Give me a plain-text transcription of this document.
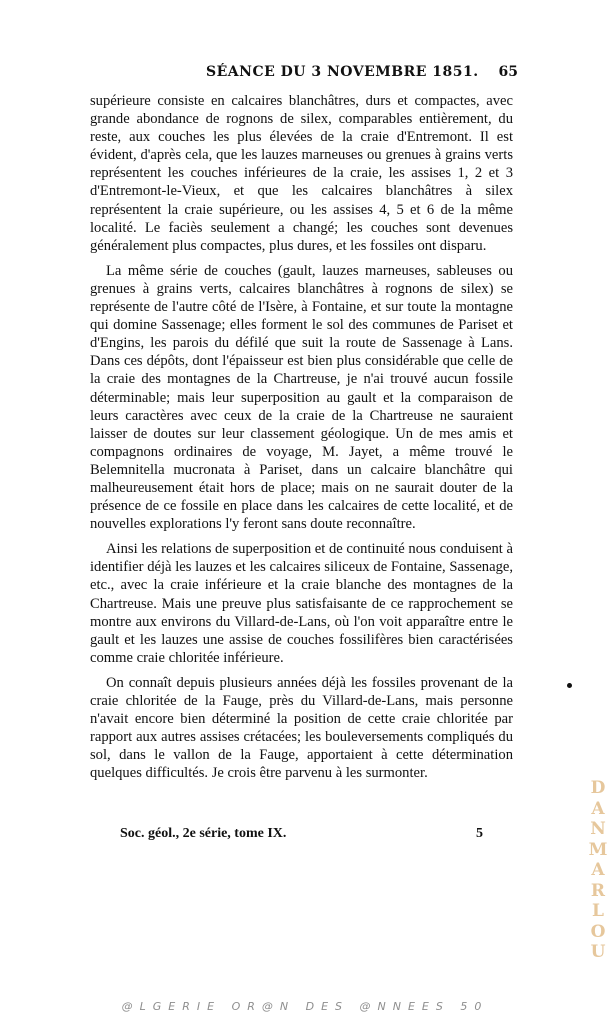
SÉANCE DU 3 NOVEMBRE 1851. 65

supérieure consiste en calcaires blanchâtres, durs et compactes, avec grande abondance de rognons de silex, comparables entièrement, du reste, aux couches les plus élevées de la craie d'Entremont. Il est évident, d'après cela, que les lauzes marneuses ou grenues à grains verts représentent les couches inférieures de la craie, les assises 1, 2 et 3 d'Entremont-le-Vieux, et que les calcaires blanchâtres à silex représentent la craie supérieure, ou les assises 4, 5 et 6 de la même localité. Le faciès seulement a changé; les couches sont devenues généralement plus compactes, plus dures, et les fossiles ont disparu.

La même série de couches (gault, lauzes marneuses, sableuses ou grenues à grains verts, calcaires blanchâtres à rognons de silex) se représente de l'autre côté de l'Isère, à Fontaine, et sur toute la montagne qui domine Sassenage; elles forment le sol des communes de Pariset et d'Engins, les parois du défilé que suit la route de Sassenage à Lans. Dans ces dépôts, dont l'épaisseur est bien plus considérable que celle de la craie des montagnes de la Chartreuse, je n'ai trouvé aucun fossile déterminable; mais leur superposition au gault et la comparaison de leurs caractères avec ceux de la craie de la Chartreuse ne sauraient laisser de doutes sur leur classement géologique. Un de mes amis et compagnons ordinaires de voyage, M. Jayet, a même trouvé le Belemnitella mucronata à Pariset, dans un calcaire blanchâtre qui malheureusement était hors de place; mais on ne saurait douter de la présence de ce fossile en place dans les calcaires de cette localité, et de nouvelles explorations l'y feront sans doute reconnaître.

Ainsi les relations de superposition et de continuité nous conduisent à identifier déjà les lauzes et les calcaires siliceux de Fontaine, Sassenage, etc., avec la craie inférieure et la craie blanche des montagnes de la Chartreuse. Mais une preuve plus satisfaisante de ce rapprochement se montre aux environs du Villard-de-Lans, où l'on voit apparaître entre le gault et les lauzes une assise de couches fossilifères bien caractérisées comme craie chloritée inférieure.

On connaît depuis plusieurs années déjà les fossiles provenant de la craie chloritée de la Fauge, près du Villard-de-Lans, mais personne n'avait encore bien déterminé la position de cette craie chloritée par rapport aux autres assises crétacées; les bouleversements compliqués du sol, dans le vallon de la Fauge, apportaient à cette détermination quelques difficultés. Je crois être parvenu à les surmonter.

Soc. géol., 2e série, tome IX.	5
DANMARLOU
@LGERIE OR@N DES @NNEES 50
